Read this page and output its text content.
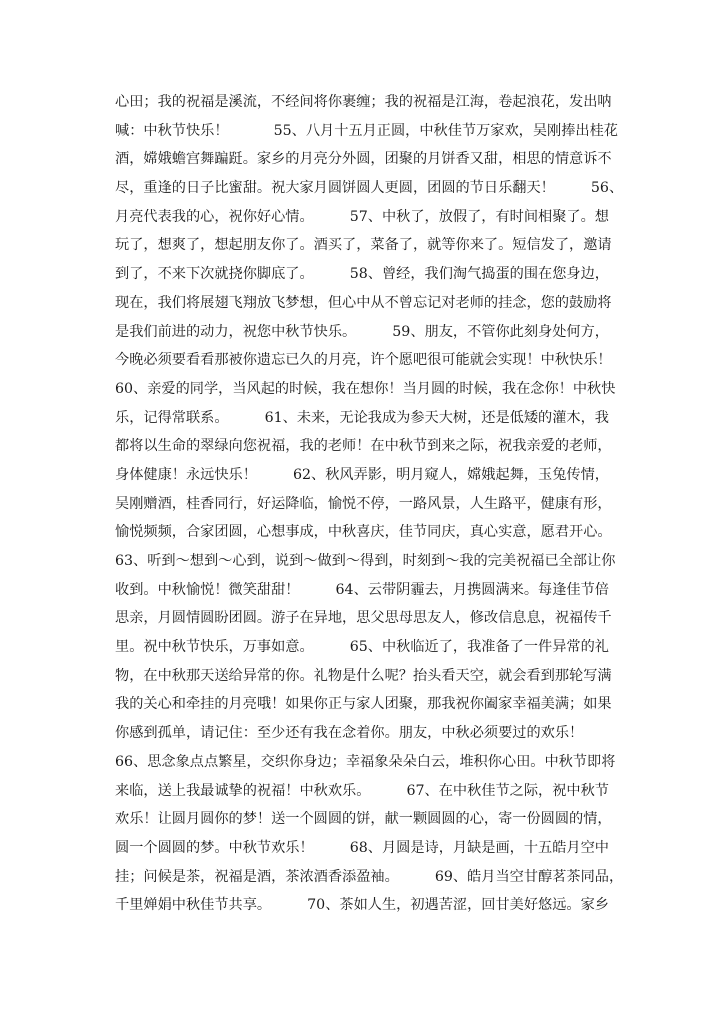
心田；我的祝福是溪流，不经间将你裹缠；我的祝福是江海，卷起浪花，发出呐
喊：中秋节快乐！          55、八月十五月正圆，中秋佳节万家欢，吴刚捧出桂花
酒，嫦娥蟾宫舞蹁跹。家乡的月亮分外圆，团聚的月饼香又甜，相思的情意诉不
尽，重逢的日子比蜜甜。祝大家月圆饼圆人更圆，团圆的节日乐翻天！        56、
月亮代表我的心，祝你好心情。        57、中秋了，放假了，有时间相聚了。想
玩了，想爽了，想起朋友你了。酒买了，菜备了，就等你来了。短信发了，邀请
到了，不来下次就挠你脚底了。        58、曾经，我们淘气捣蛋的围在您身边，
现在，我们将展翅飞翔放飞梦想，但心中从不曾忘记对老师的挂念，您的鼓励将
是我们前进的动力，祝您中秋节快乐。        59、朋友，不管你此刻身处何方，
今晚必须要看看那被你遗忘已久的月亮，许个愿吧很可能就会实现！中秋快乐！
60、亲爱的同学，当风起的时候，我在想你！当月圆的时候，我在念你！中秋快
乐，记得常联系。        61、未来，无论我成为参天大树，还是低矮的灌木，我
都将以生命的翠绿向您祝福，我的老师！在中秋节到来之际，祝我亲爱的老师，
身体健康！永远快乐！        62、秋风弄影，明月窥人，嫦娥起舞，玉兔传情，
吴刚赠酒，桂香同行，好运降临，愉悦不停，一路风景，人生路平，健康有形，
愉悦频频，合家团圆，心想事成，中秋喜庆，佳节同庆，真心实意，愿君开心。
63、听到～想到～心到，说到～做到～得到，时刻到～我的完美祝福已全部让你
收到。中秋愉悦！微笑甜甜！        64、云带阴霾去，月携圆满来。每逢佳节倍
思亲，月圆情圆盼团圆。游子在异地，思父思母思友人，修改信息息，祝福传千
里。祝中秋节快乐，万事如意。        65、中秋临近了，我准备了一件异常的礼
物，在中秋那天送给异常的你。礼物是什么呢？抬头看天空，就会看到那轮写满
我的关心和牵挂的月亮哦！如果你正与家人团聚，那我祝你阖家幸福美满；如果
你感到孤单，请记住：至少还有我在念着你。朋友，中秋必须要过的欢乐！
66、思念象点点繁星，交织你身边；幸福象朵朵白云，堆积你心田。中秋节即将
来临，送上我最诚挚的祝福！中秋欢乐。        67、在中秋佳节之际，祝中秋节
欢乐！让圆月圆你的梦！送一个圆圆的饼，献一颗圆圆的心，寄一份圆圆的情，
圆一个圆圆的梦。中秋节欢乐！        68、月圆是诗，月缺是画，十五皓月空中
挂；问候是茶，祝福是酒，茶浓酒香添盈袖。        69、皓月当空甘醇茗茶同品，
千里婵娟中秋佳节共享。        70、茶如人生，初遇苦涩，回甘美好悠远。家乡
